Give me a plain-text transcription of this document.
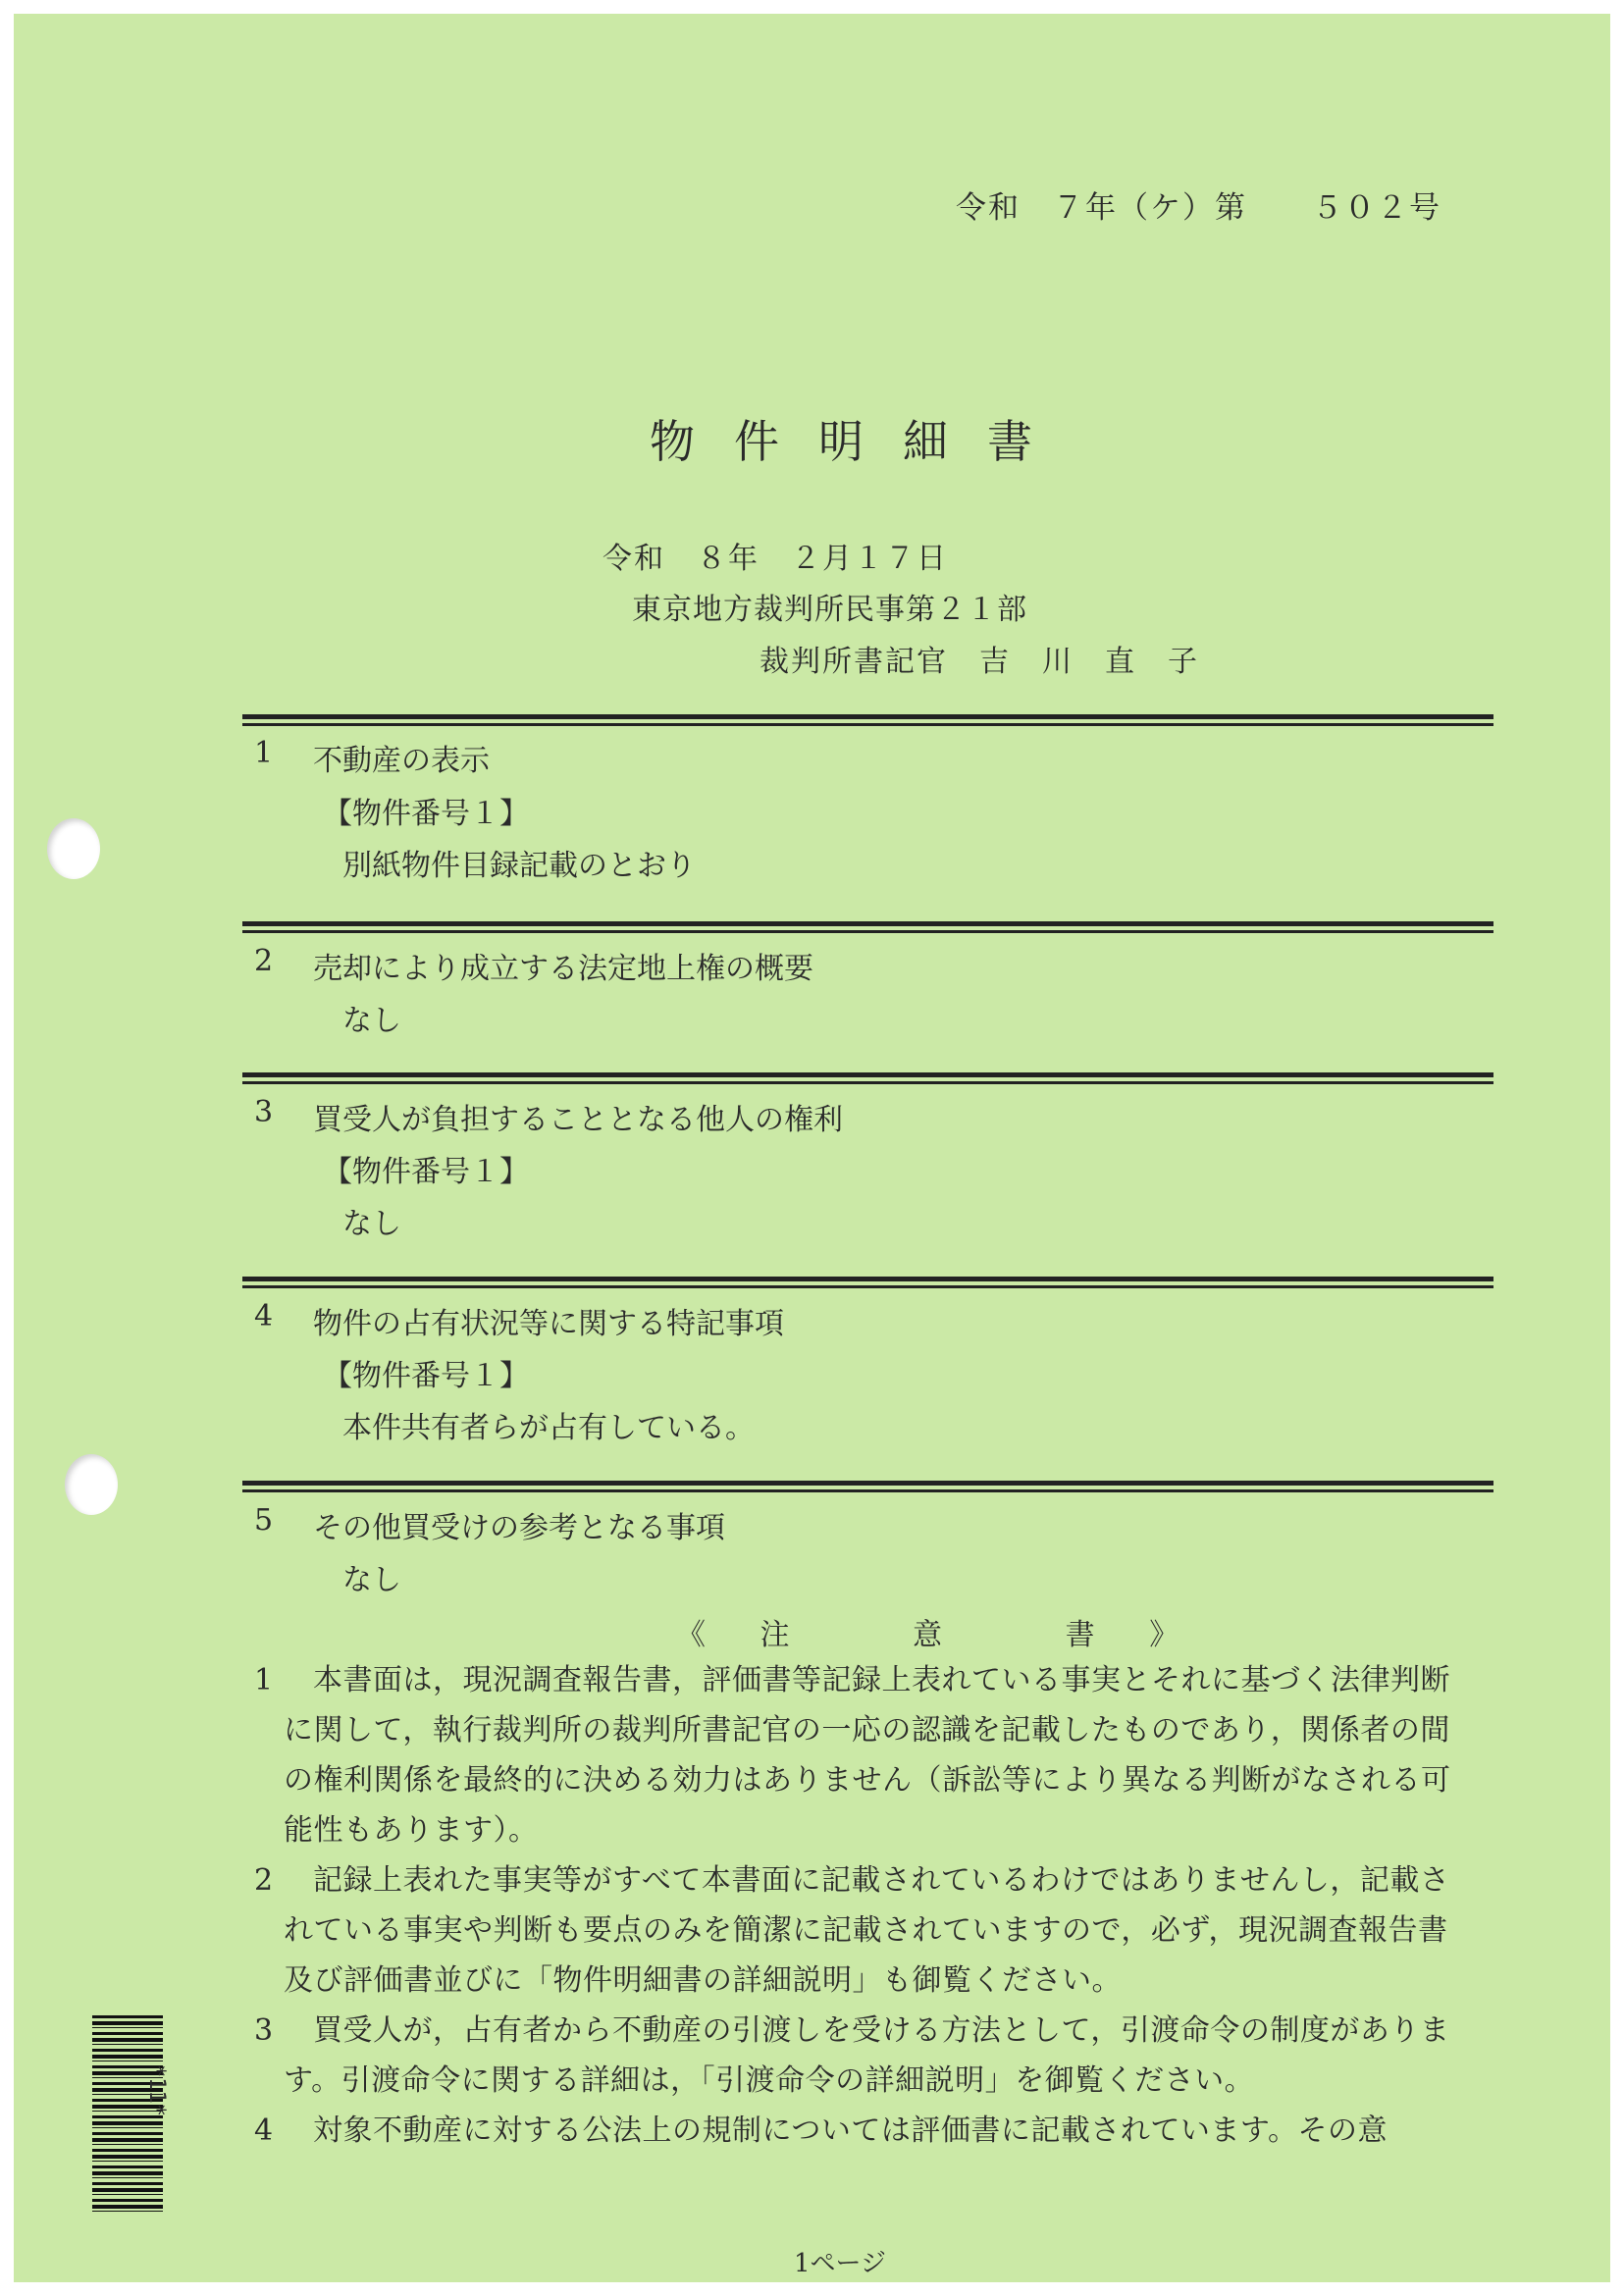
令和　７年（ケ）第　　５０２号
物件明細書
令和　８年　２月１７日
東京地方裁判所民事第２１部
裁判所書記官　吉　川　直　子
1 不動産の表示
【物件番号１】
別紙物件目録記載のとおり
2 売却により成立する法定地上権の概要
なし
3 買受人が負担することとなる他人の権利
【物件番号１】
なし
4 物件の占有状況等に関する特記事項
【物件番号１】
本件共有者らが占有している。
5 その他買受けの参考となる事項
なし
《 注	意	書 》
1	本書面は，現況調査報告書，評価書等記録上表れている事実とそれに基づく法律判断に関して，執行裁判所の裁判所書記官の一応の認識を記載したものであり，関係者の間の権利関係を最終的に決める効力はありません（訴訟等により異なる判断がなされる可能性もあります）。
2	記録上表れた事実等がすべて本書面に記載されているわけではありませんし，記載されている事実や判断も要点のみを簡潔に記載されていますので，必ず，現況調査報告書及び評価書並びに「物件明細書の詳細説明」も御覧ください。
3	買受人が，占有者から不動産の引渡しを受ける方法として，引渡命令の制度があります。引渡命令に関する詳細は，「引渡命令の詳細説明」を御覧ください。
4	対象不動産に対する公法上の規制については評価書に記載されています。その意
*11*
1ページ
